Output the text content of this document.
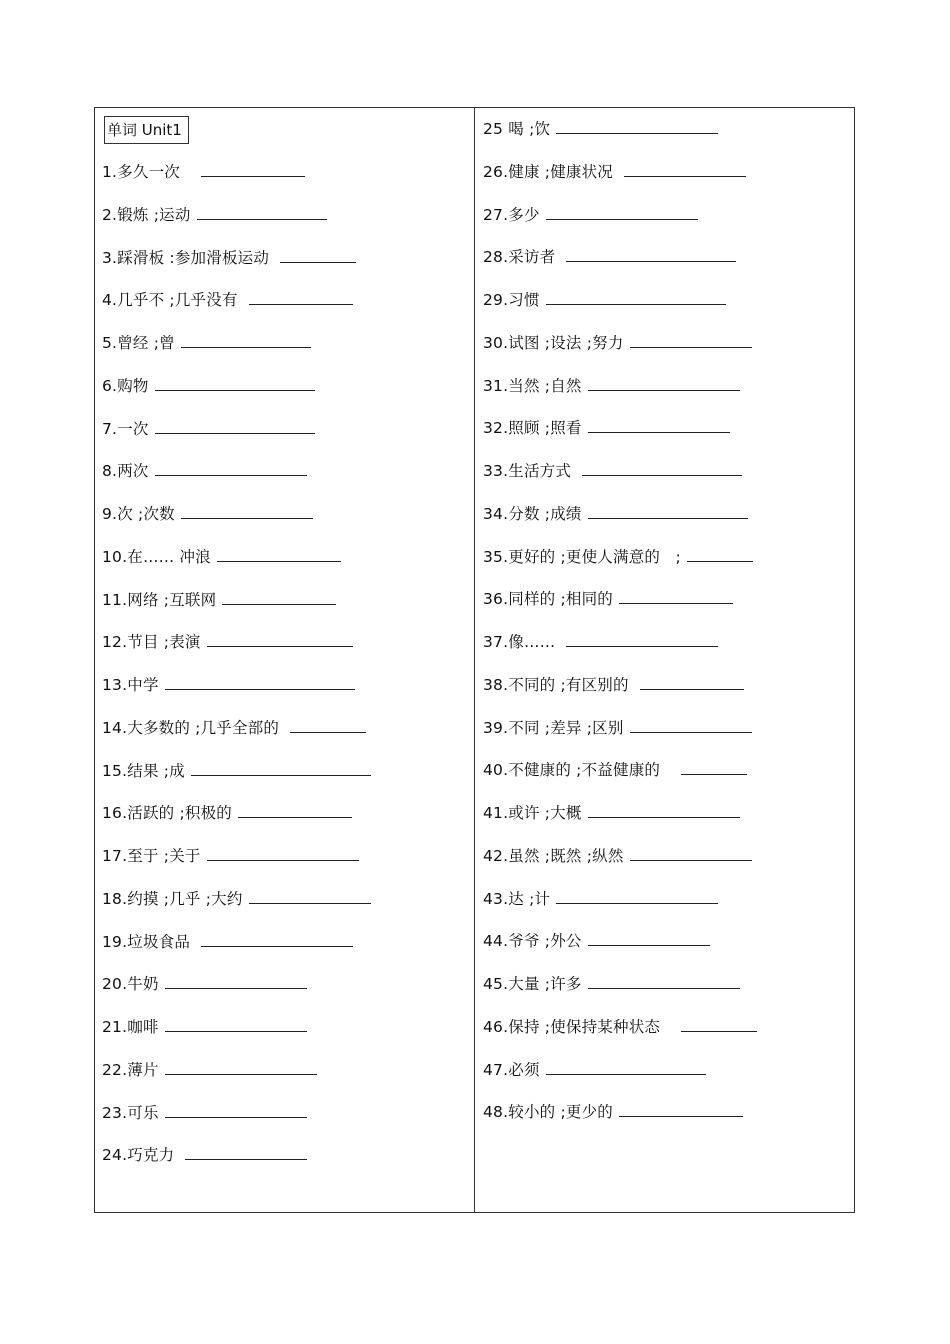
单词 Unit1
1.多久一次
2.锻炼 ;运动
3.踩滑板 :参加滑板运动
4.几乎不 ;几乎没有
5.曾经 ;曾
6.购物
7.一次
8.两次
9.次 ;次数
10.在…… 冲浪
11.网络 ;互联网
12.节目 ;表演
13.中学
14.大多数的 ;几乎全部的
15.结果 ;成
16.活跃的 ;积极的
17.至于 ;关于
18.约摸 ;几乎 ;大约
19.垃圾食品
20.牛奶
21.咖啡
22.薄片
23.可乐
24.巧克力
25 喝 ;饮
26.健康 ;健康状况
27.多少
28.采访者
29.习惯
30.试图 ;设法 ;努力
31.当然 ;自然
32.照顾 ;照看
33.生活方式
34.分数 ;成绩
35.更好的 ;更使人满意的   ;
36.同样的 ;相同的
37.像……
38.不同的 ;有区别的
39.不同 ;差异 ;区别
40.不健康的 ;不益健康的
41.或许 ;大概
42.虽然 ;既然 ;纵然
43.达 ;计
44.爷爷 ;外公
45.大量 ;许多
46.保持 ;使保持某种状态
47.必须
48.较小的 ;更少的
